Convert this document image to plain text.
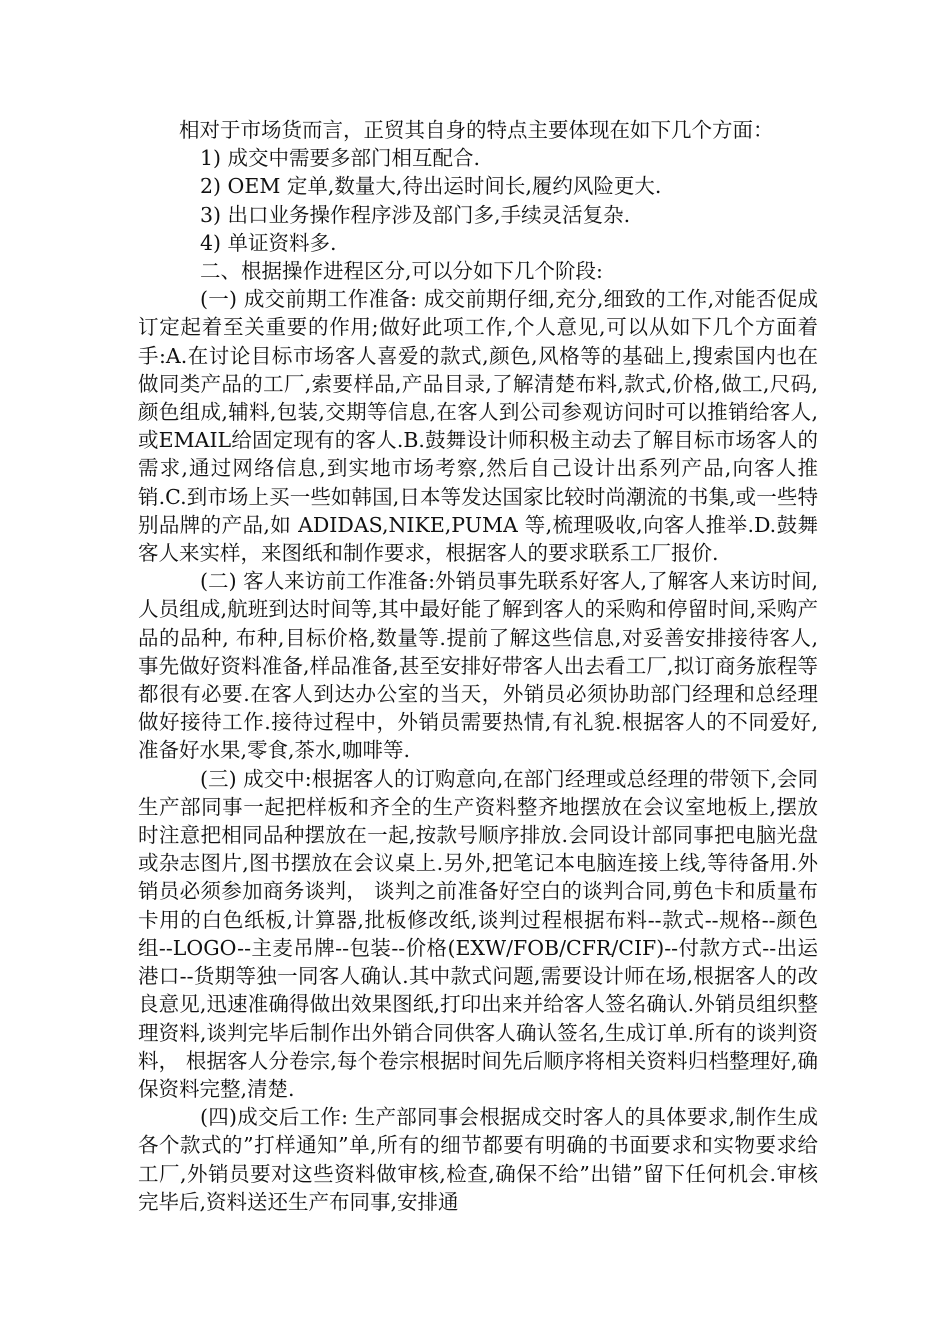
相对于市场货而言，正贸其自身的特点主要体现在如下几个方面：

1) 成交中需要多部门相互配合.

2) OEM 定单,数量大,待出运时间长,履约风险更大.

3) 出口业务操作程序涉及部门多,手续灵活复杂.

4) 单证资料多.

二、根据操作进程区分,可以分如下几个阶段:

(一) 成交前期工作准备: 成交前期仔细,充分,细致的工作,对能否促成订定起着至关重要的作用;做好此项工作,个人意见,可以从如下几个方面着手:A.在讨论目标市场客人喜爱的款式,颜色,风格等的基础上,搜索国内也在做同类产品的工厂,索要样品,产品目录,了解清楚布料,款式,价格,做工,尺码,颜色组成,辅料,包装,交期等信息,在客人到公司参观访问时可以推销给客人,或EMAIL给固定现有的客人.B.鼓舞设计师积极主动去了解目标市场客人的需求,通过网络信息,到实地市场考察,然后自己设计出系列产品,向客人推销.C.到市场上买一些如韩国,日本等发达国家比较时尚潮流的书集,或一些特别品牌的产品,如 ADIDAS,NIKE,PUMA 等,梳理吸收,向客人推举.D.鼓舞客人来实样，来图纸和制作要求，根据客人的要求联系工厂报价.

(二) 客人来访前工作准备:外销员事先联系好客人,了解客人来访时间,人员组成,航班到达时间等,其中最好能了解到客人的采购和停留时间,采购产品的品种, 布种,目标价格,数量等.提前了解这些信息,对妥善安排接待客人,事先做好资料准备,样品准备,甚至安排好带客人出去看工厂,拟订商务旅程等都很有必要.在客人到达办公室的当天，外销员必须协助部门经理和总经理做好接待工作.接待过程中，外销员需要热情,有礼貌.根据客人的不同爱好,准备好水果,零食,茶水,咖啡等.

(三) 成交中:根据客人的订购意向,在部门经理或总经理的带领下,会同生产部同事一起把样板和齐全的生产资料整齐地摆放在会议室地板上,摆放时注意把相同品种摆放在一起,按款号顺序排放.会同设计部同事把电脑光盘或杂志图片,图书摆放在会议桌上.另外,把笔记本电脑连接上线,等待备用.外销员必须参加商务谈判， 谈判之前准备好空白的谈判合同,剪色卡和质量布卡用的白色纸板,计算器,批板修改纸,谈判过程根据布料--款式--规格--颜色组--LOGO--主麦吊牌--包装--价格(EXW/FOB/CFR/CIF)--付款方式--出运港口--货期等独一同客人确认.其中款式问题,需要设计师在场,根据客人的改良意见,迅速准确得做出效果图纸,打印出来并给客人签名确认.外销员组织整理资料,谈判完毕后制作出外销合同供客人确认签名,生成订单.所有的谈判资料， 根据客人分卷宗,每个卷宗根据时间先后顺序将相关资料归档整理好,确保资料完整,清楚.

(四)成交后工作: 生产部同事会根据成交时客人的具体要求,制作生成各个款式的”打样通知”单,所有的细节都要有明确的书面要求和实物要求给工厂,外销员要对这些资料做审核,检查,确保不给”出错”留下任何机会.审核完毕后,资料送还生产布同事,安排通
